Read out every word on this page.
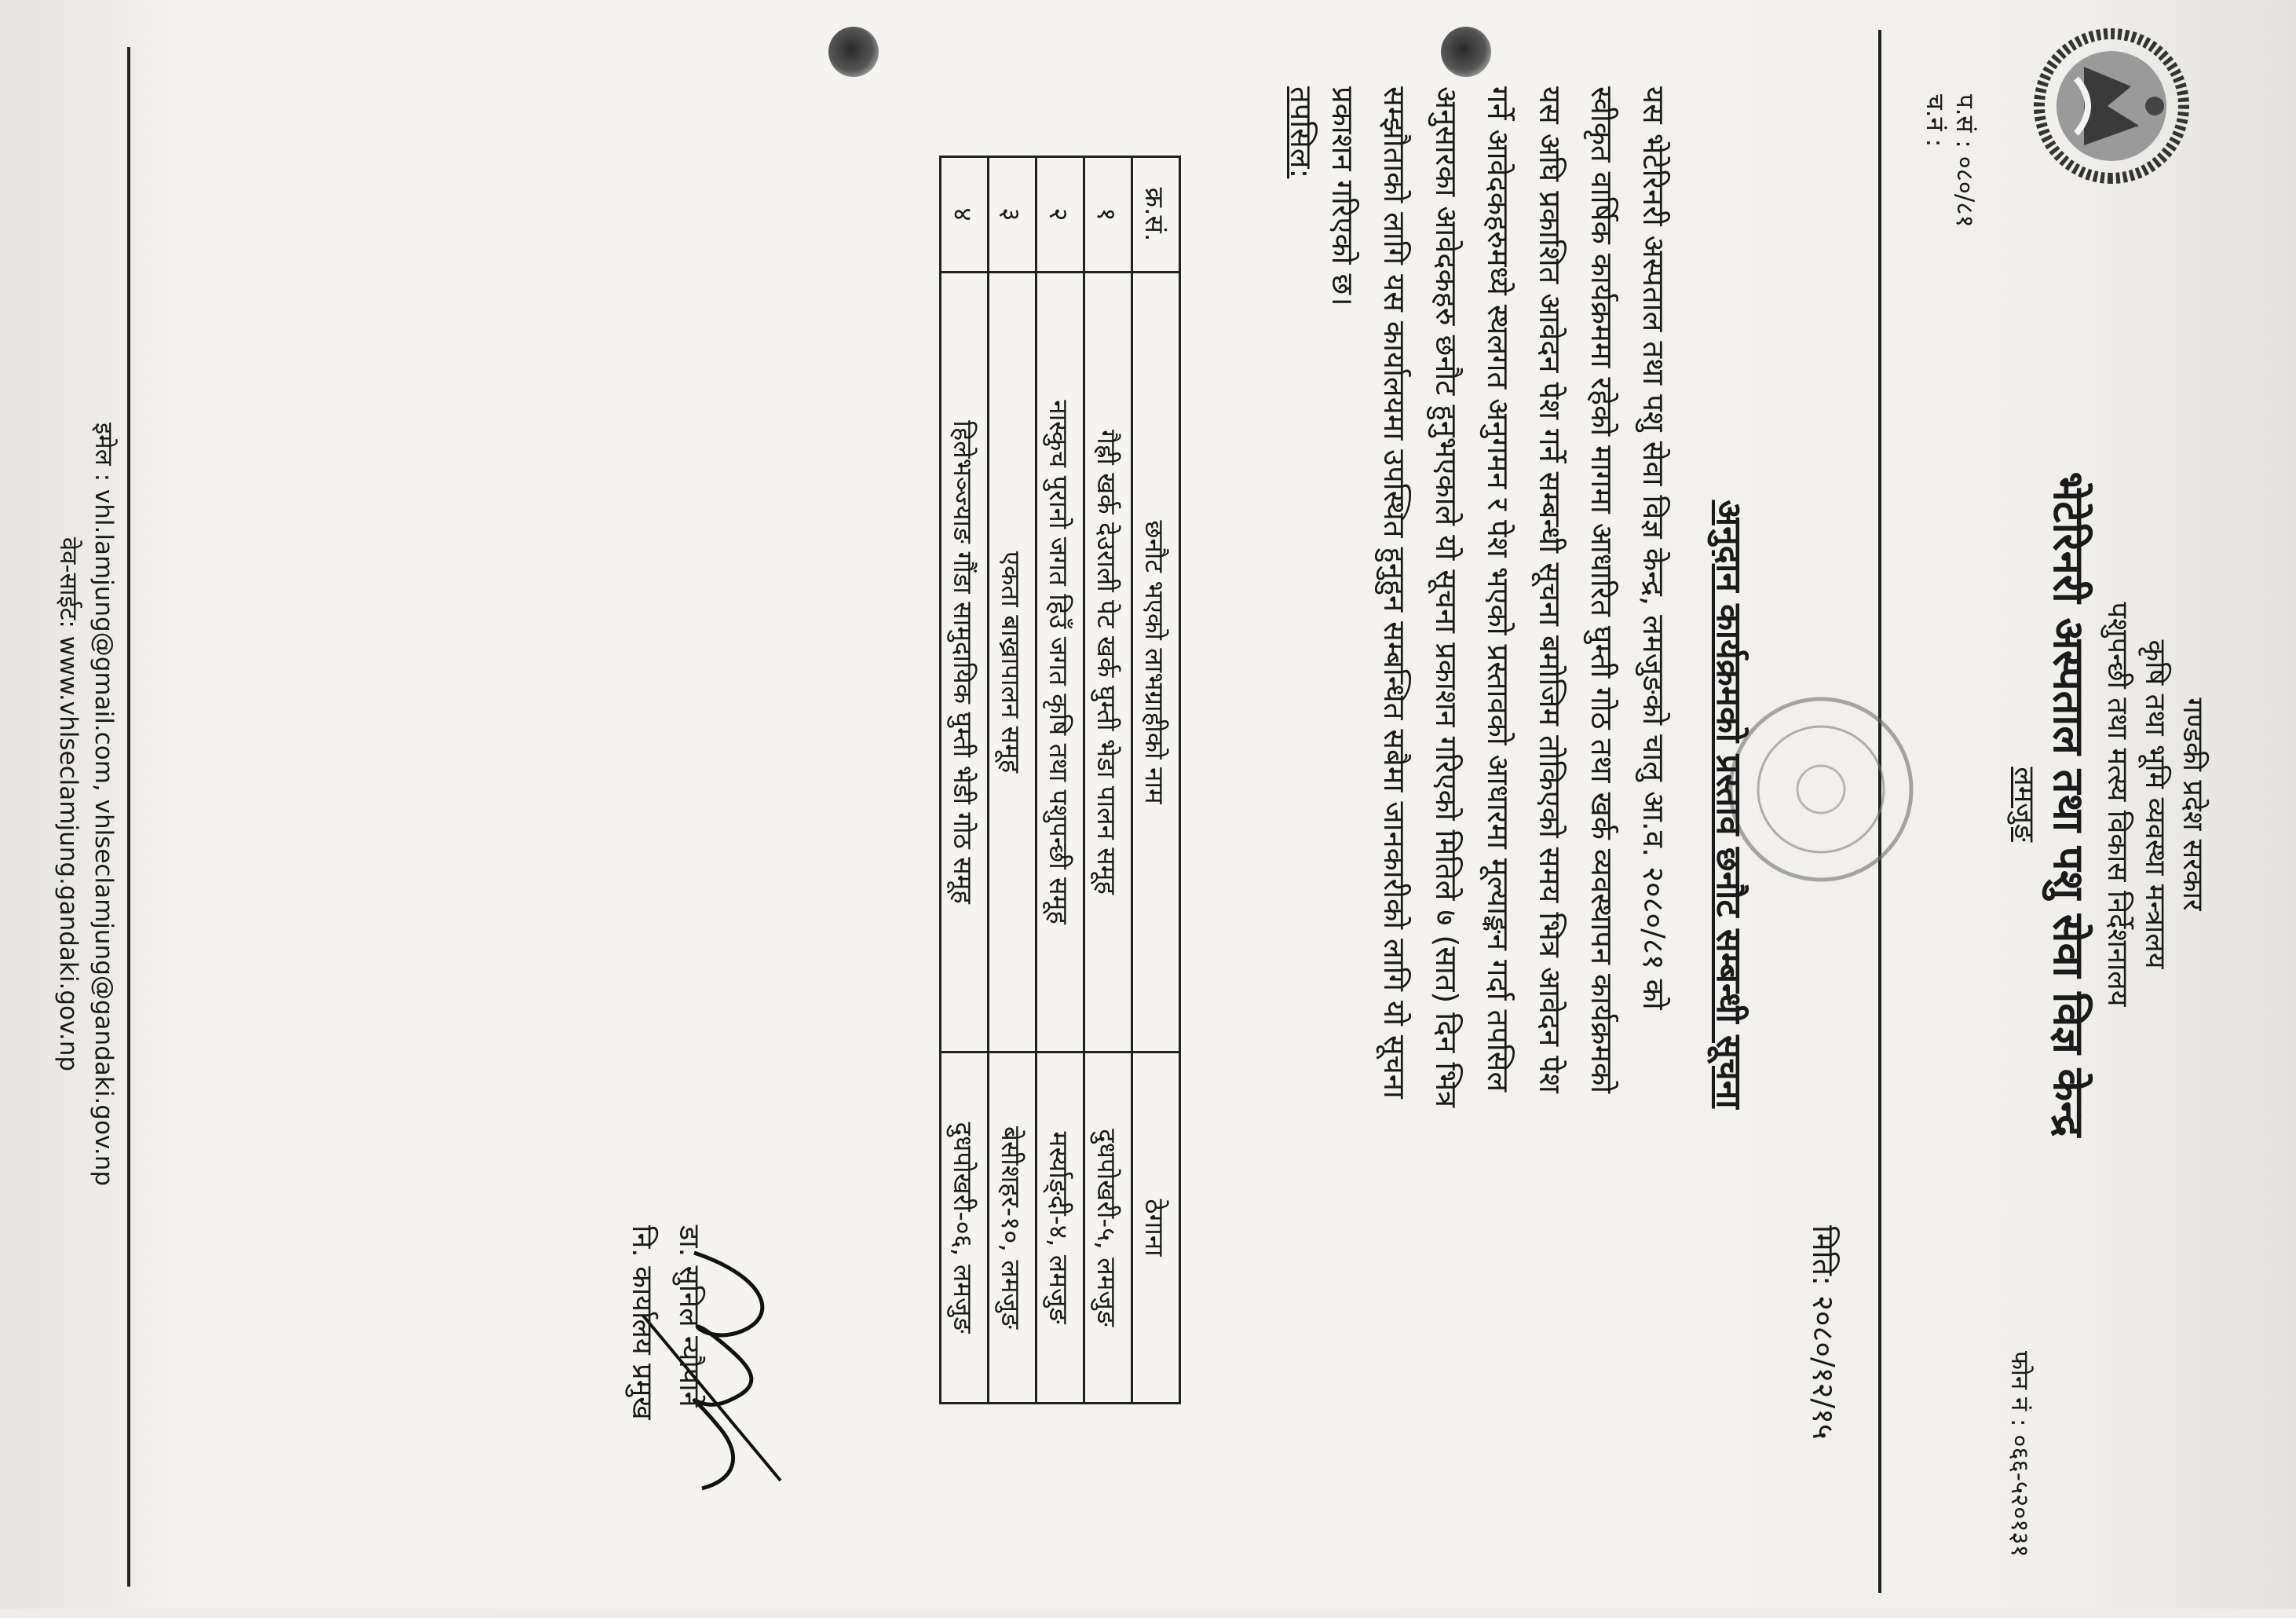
गण्डकी प्रदेश सरकार
कृषि तथा भूमि व्यवस्था मन्त्रालय
पशुपन्छी तथा मत्स्य विकास निर्देशनालय
भेटेरिनरी अस्पताल तथा पशु सेवा विज्ञ केन्द्र
लमजुङ
फोन नं : ०६६-५२०१३१
प.सं : ०८०/८१
च.नं :
मिति: २०८०/१२/१५
अनुदान कार्यक्रमको प्रस्ताव छनौट सम्बन्धी सूचना

यस भेटेरिनरी अस्पताल तथा पशु सेवा विज्ञ केन्द्र, लमजुङको चालु आ.व. २०८०/८१ को

स्वीकृत वार्षिक कार्यक्रममा रहेको मागमा आधारित घुम्ती गोठ तथा खर्क व्यवस्थापन कार्यक्रमको

यस अघि प्रकाशित आवेदन पेश गर्ने सम्बन्धी सूचना बमोजिम तोकिएको समय भित्र आवेदन पेश

गर्ने आवेदकहरुमध्ये स्थलगत अनुगमन र पेश भएको प्रस्तावको आधारमा मूल्याङ्कन गर्दा तपसिल

अनुसारका आवेदकहरु छनौट हुनुभएकाले यो सूचना प्रकाशन गरिएको मितिले ७ (सात) दिन भित्र

सम्झौताको लागि यस कार्यालयमा उपस्थित हुनुहुन सम्बन्धित सबैमा जानकारीको लागि यो सूचना

प्रकाशन गरिएको छ।

तपसिल:
क्र.सं.	छनौट भएको लाभग्राहीको नाम	ठेगाना
१	गैह्री खर्क देउराली पेट खर्क घुम्ती भेडा पालन समूह	दुधपोखरी-५, लमजुङ
२	नास्कुच पुरानो जगत हिउँ जगत कृषि तथा पशुपन्छी समूह	मर्स्याङ्दी-४, लमजुङ
३	एकता बाख्रापालन समूह	बेसीशहर-१०, लमजुङ
४	हिलेभञ्ज्याङ गौंडा सामुदायिक घुम्ती भेडी गोठ समूह	दुधपोखरी-०६, लमजुङ
डा. सुनिल न्यौपाने
नि. कार्यालय प्रमुख
इमेल : vhl.lamjung@gmail.com, vhlseclamjung@gandaki.gov.np
वेव-साईट: www.vhlseclamjung.gandaki.gov.np
